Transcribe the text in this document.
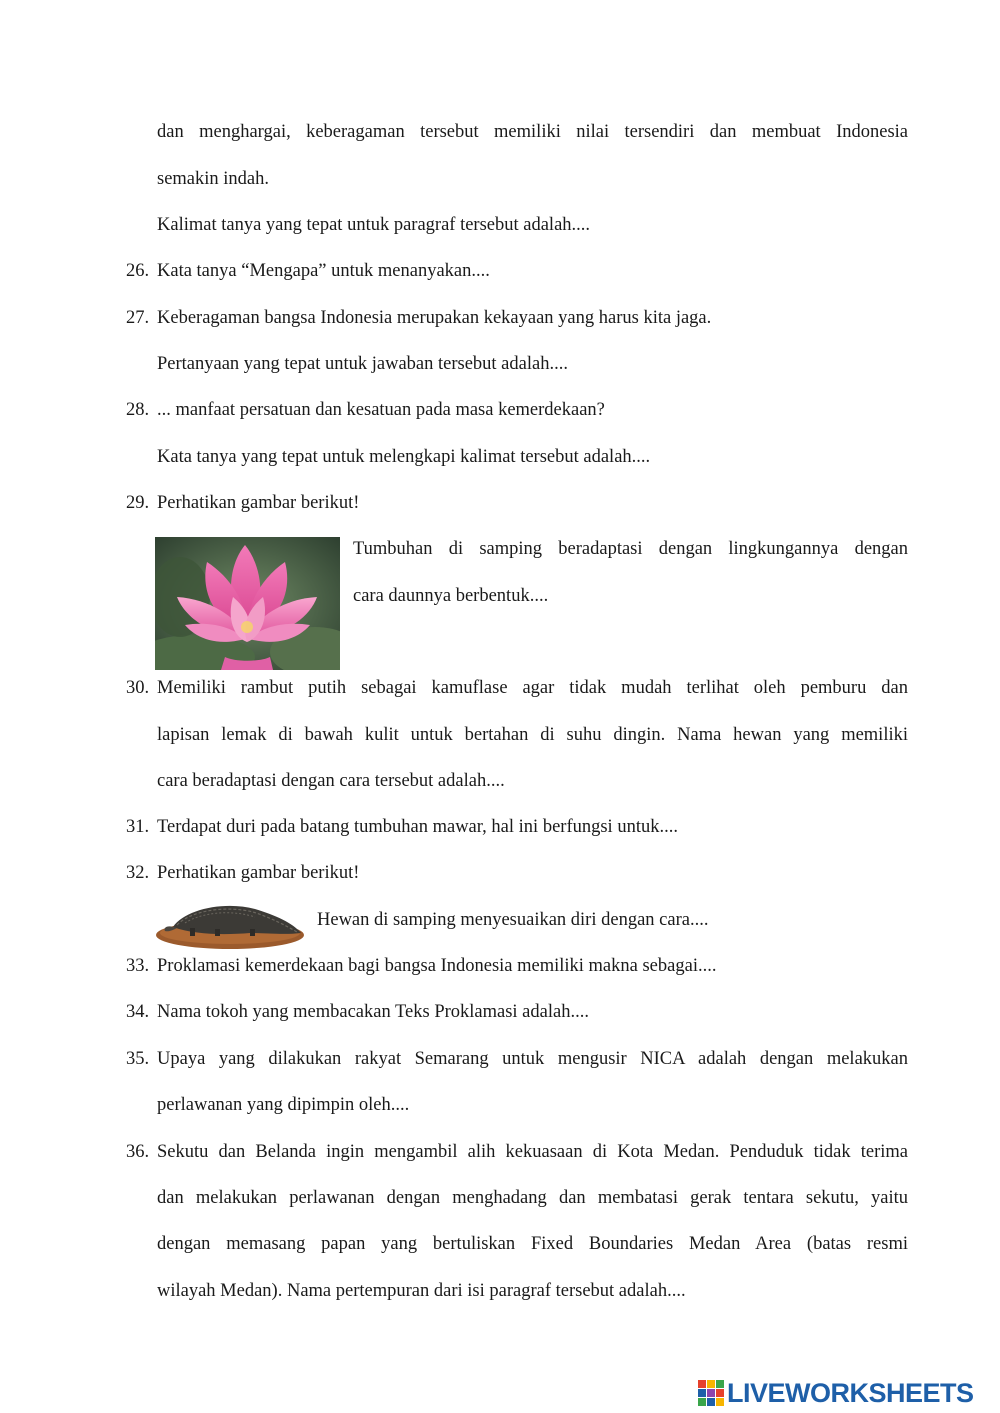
dan menghargai, keberagaman tersebut memiliki nilai tersendiri dan membuat Indonesia
semakin indah.
Kalimat tanya yang tepat untuk paragraf tersebut adalah....
26. Kata tanya “Mengapa” untuk menanyakan....
27. Keberagaman bangsa Indonesia merupakan kekayaan yang harus kita jaga.
Pertanyaan yang tepat untuk jawaban tersebut adalah....
28. ... manfaat persatuan dan kesatuan pada masa kemerdekaan?
Kata tanya yang tepat untuk melengkapi kalimat tersebut adalah....
29. Perhatikan gambar berikut!
Tumbuhan di samping beradaptasi dengan lingkungannya dengan
cara daunnya berbentuk....
30. Memiliki rambut putih sebagai kamuflase agar tidak mudah terlihat oleh pemburu dan
lapisan lemak di bawah kulit untuk bertahan di suhu dingin. Nama hewan yang memiliki
cara beradaptasi dengan cara tersebut adalah....
31. Terdapat duri pada batang tumbuhan mawar, hal ini berfungsi untuk....
32. Perhatikan gambar berikut!
Hewan di samping menyesuaikan diri dengan cara....
33. Proklamasi kemerdekaan bagi bangsa Indonesia memiliki makna sebagai....
34. Nama tokoh yang membacakan Teks Proklamasi adalah....
35. Upaya yang dilakukan rakyat Semarang untuk mengusir NICA adalah dengan melakukan
perlawanan yang dipimpin oleh....
36. Sekutu dan Belanda ingin mengambil alih kekuasaan di Kota Medan. Penduduk tidak terima
dan melakukan perlawanan dengan menghadang dan membatasi gerak tentara sekutu, yaitu
dengan memasang papan yang bertuliskan Fixed Boundaries Medan Area (batas resmi
wilayah Medan). Nama pertempuran dari isi paragraf tersebut adalah....
LIVEWORKSHEETS
